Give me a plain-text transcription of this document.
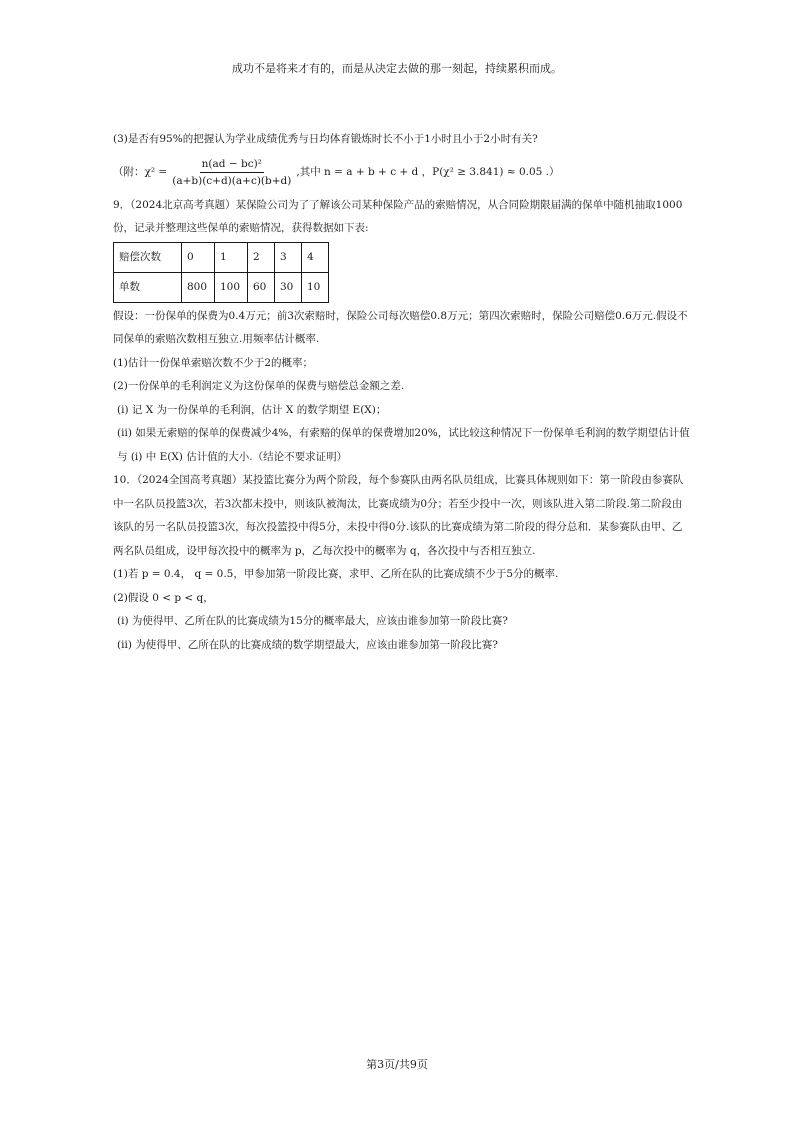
成功不是将来才有的，而是从决定去做的那一刻起，持续累积而成。

(3)是否有95%的把握认为学业成绩优秀与日均体育锻炼时长不小于1小时且小于2小时有关?

（附： $\chi^2 = \frac{\text{n(ad − bc)²}}{(a+b)(c+d)(a+c)(b+d)}$ ,其中 n = a + b + c + d ， P(χ² ≥ 3.841) ≈ 0.05 .）

9．（2024北京高考真题）某保险公司为了了解该公司某种保险产品的索赔情况，从合同险期限届满的保单中随机抽取1000份，记录并整理这些保单的索赔情况，获得数据如下表:

赔偿次数	0	1	2	3	4
单数	800	100	60	30	10

假设：一份保单的保费为0.4万元；前3次索赔时，保险公司每次赔偿0.8万元；第四次索赔时，保险公司赔偿0.6万元.假设不同保单的索赔次数相互独立.用频率估计概率.

(1)估计一份保单索赔次数不少于2的概率；

(2)一份保单的毛利润定义为这份保单的保费与赔偿总金额之差.

(i) 记 X 为一份保单的毛利润，估计 X 的数学期望 E(X)；

(ⅱ) 如果无索赔的保单的保费减少4%，有索赔的保单的保费增加20%，试比较这种情况下一份保单毛利润的数学期望估计值与 (i) 中 E(X) 估计值的大小.（结论不要求证明）

10．（2024全国高考真题）某投篮比赛分为两个阶段，每个参赛队由两名队员组成，比赛具体规则如下：第一阶段由参赛队中一名队员投篮3次，若3次都未投中，则该队被淘汰，比赛成绩为0分；若至少投中一次，则该队进入第二阶段.第二阶段由该队的另一名队员投篮3次，每次投篮投中得5分，未投中得0分.该队的比赛成绩为第二阶段的得分总和．某参赛队由甲、乙两名队员组成，设甲每次投中的概率为 p，乙每次投中的概率为 q，各次投中与否相互独立.

(1)若 p = 0.4， q = 0.5，甲参加第一阶段比赛，求甲、乙所在队的比赛成绩不少于5分的概率.

(2)假设 0 < p < q，

(i) 为使得甲、乙所在队的比赛成绩为15分的概率最大，应该由谁参加第一阶段比赛?

(ii) 为使得甲、乙所在队的比赛成绩的数学期望最大，应该由谁参加第一阶段比赛?

第3页/共9页
